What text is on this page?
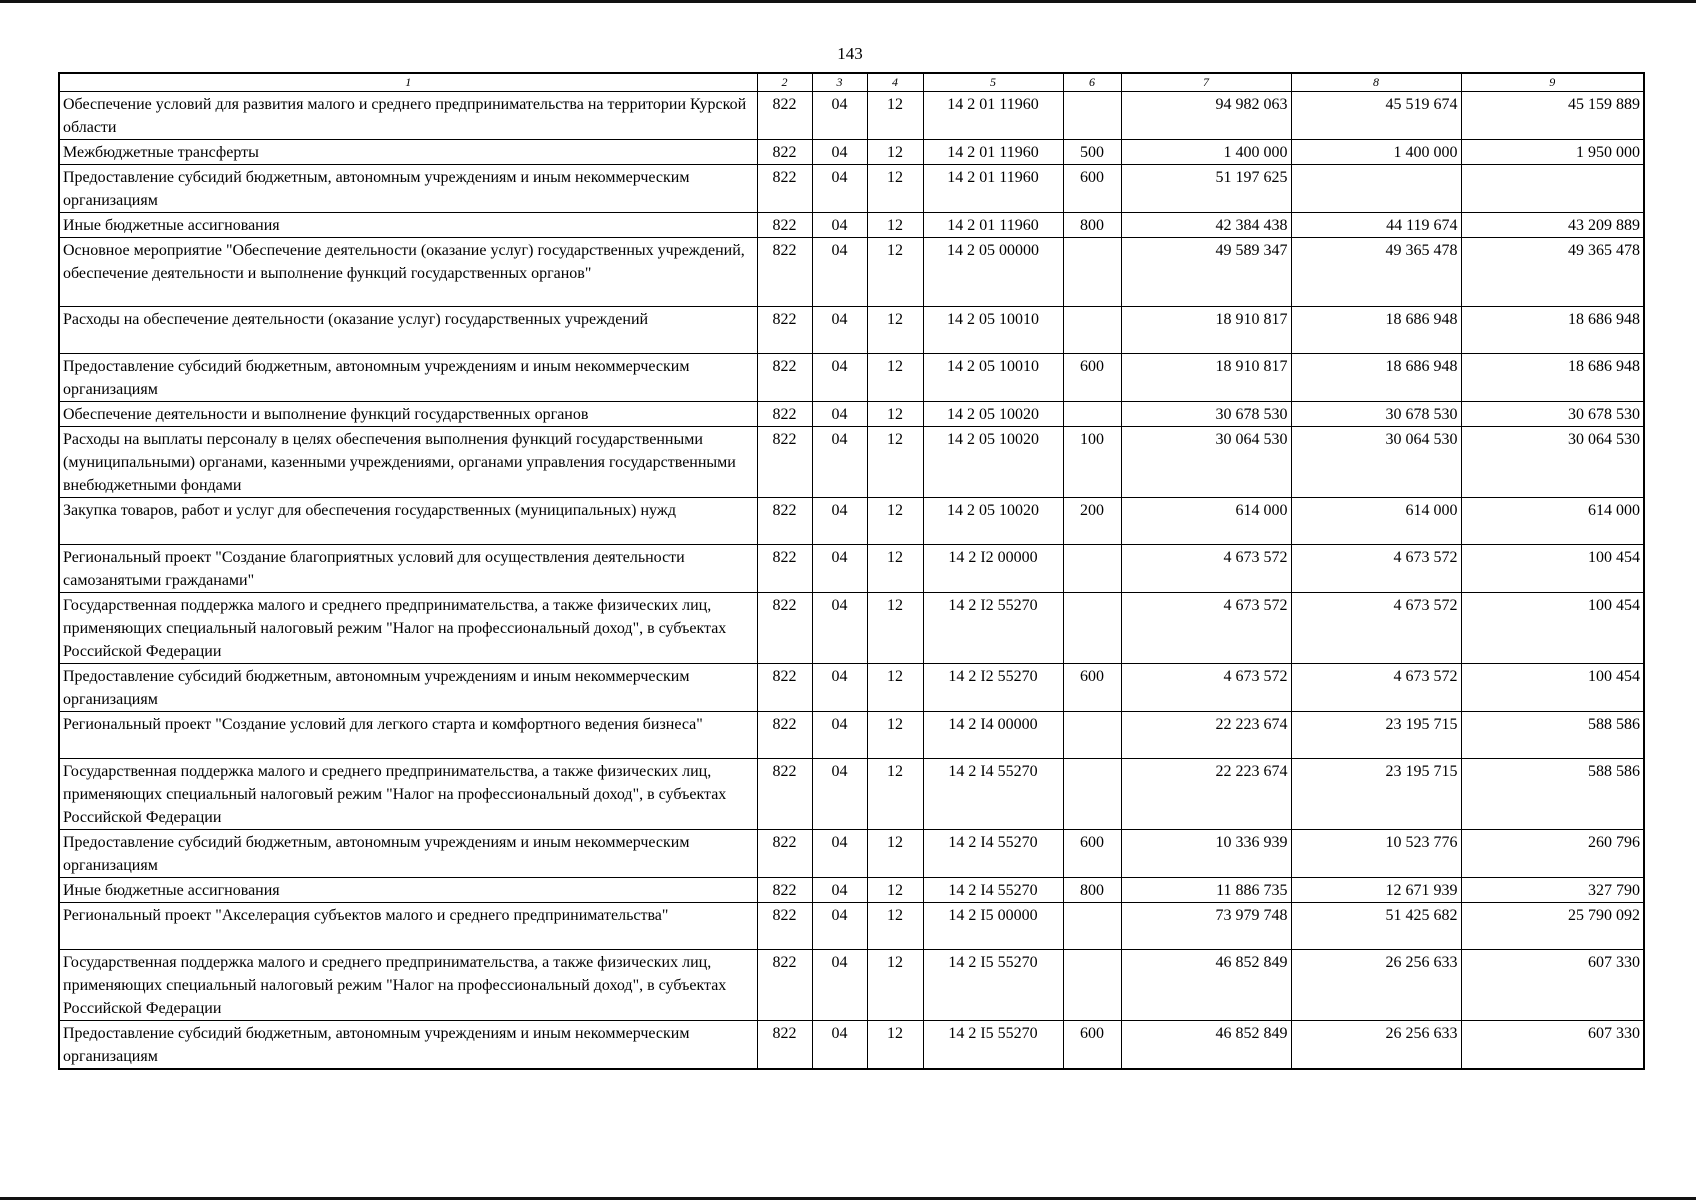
143
1	2	3	4	5	6	7	8	9
Обеспечение условий для развития малого и среднего предпринимательства на территории Курской области	822	04	12	14 2 01 11960		94 982 063	45 519 674	45 159 889
Межбюджетные трансферты	822	04	12	14 2 01 11960	500	1 400 000	1 400 000	1 950 000
Предоставление субсидий бюджетным, автономным учреждениям и иным некоммерческим организациям	822	04	12	14 2 01 11960	600	51 197 625		
Иные бюджетные ассигнования	822	04	12	14 2 01 11960	800	42 384 438	44 119 674	43 209 889
Основное мероприятие "Обеспечение деятельности (оказание услуг) государственных учреждений, обеспечение деятельности и выполнение функций государственных органов"	822	04	12	14 2 05 00000		49 589 347	49 365 478	49 365 478
Расходы на обеспечение деятельности (оказание услуг) государственных учреждений	822	04	12	14 2 05 10010		18 910 817	18 686 948	18 686 948
Предоставление субсидий бюджетным, автономным учреждениям и иным некоммерческим организациям	822	04	12	14 2 05 10010	600	18 910 817	18 686 948	18 686 948
Обеспечение деятельности и выполнение функций государственных органов	822	04	12	14 2 05 10020		30 678 530	30 678 530	30 678 530
Расходы на выплаты персоналу в целях обеспечения выполнения функций государственными (муниципальными) органами, казенными учреждениями, органами управления государственными внебюджетными фондами	822	04	12	14 2 05 10020	100	30 064 530	30 064 530	30 064 530
Закупка товаров, работ и услуг для обеспечения государственных (муниципальных) нужд	822	04	12	14 2 05 10020	200	614 000	614 000	614 000
Региональный проект "Создание благоприятных условий для осуществления деятельности самозанятыми гражданами"	822	04	12	14 2 I2 00000		4 673 572	4 673 572	100 454
Государственная поддержка малого и среднего предпринимательства, а также физических лиц, применяющих специальный налоговый режим "Налог на профессиональный доход", в субъектах Российской Федерации	822	04	12	14 2 I2 55270		4 673 572	4 673 572	100 454
Предоставление субсидий бюджетным, автономным учреждениям и иным некоммерческим организациям	822	04	12	14 2 I2 55270	600	4 673 572	4 673 572	100 454
Региональный проект "Создание условий для легкого старта и комфортного ведения бизнеса"	822	04	12	14 2 I4 00000		22 223 674	23 195 715	588 586
Государственная поддержка малого и среднего предпринимательства, а также физических лиц, применяющих специальный налоговый режим "Налог на профессиональный доход", в субъектах Российской Федерации	822	04	12	14 2 I4 55270		22 223 674	23 195 715	588 586
Предоставление субсидий бюджетным, автономным учреждениям и иным некоммерческим организациям	822	04	12	14 2 I4 55270	600	10 336 939	10 523 776	260 796
Иные бюджетные ассигнования	822	04	12	14 2 I4 55270	800	11 886 735	12 671 939	327 790
Региональный проект "Акселерация субъектов малого и среднего предпринимательства"	822	04	12	14 2 I5 00000		73 979 748	51 425 682	25 790 092
Государственная поддержка малого и среднего предпринимательства, а также физических лиц, применяющих специальный налоговый режим "Налог на профессиональный доход", в субъектах Российской Федерации	822	04	12	14 2 I5 55270		46 852 849	26 256 633	607 330
Предоставление субсидий бюджетным, автономным учреждениям и иным некоммерческим организациям	822	04	12	14 2 I5 55270	600	46 852 849	26 256 633	607 330
